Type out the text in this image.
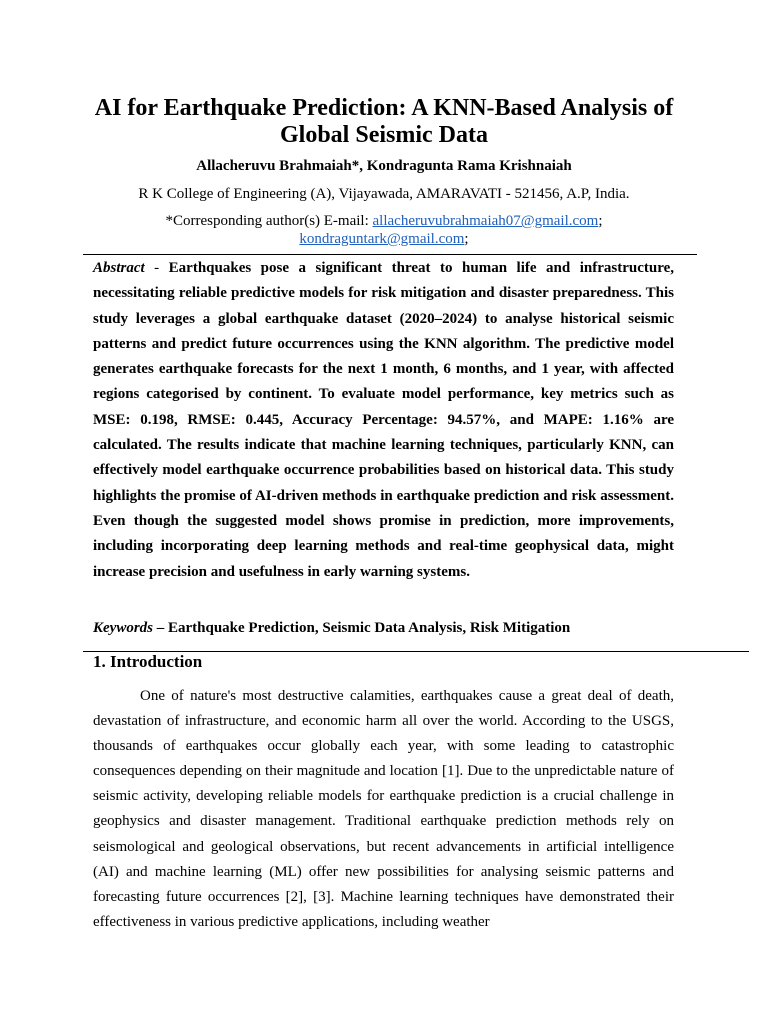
AI for Earthquake Prediction: A KNN-Based Analysis of Global Seismic Data
Allacheruvu Brahmaiah*, Kondragunta Rama Krishnaiah
R K College of Engineering (A), Vijayawada, AMARAVATI - 521456, A.P, India.
*Corresponding author(s) E-mail: allacheruvubrahmaiah07@gmail.com;
kondraguntark@gmail.com;
Abstract - Earthquakes pose a significant threat to human life and infrastructure, necessitating reliable predictive models for risk mitigation and disaster preparedness. This study leverages a global earthquake dataset (2020–2024) to analyse historical seismic patterns and predict future occurrences using the KNN algorithm. The predictive model generates earthquake forecasts for the next 1 month, 6 months, and 1 year, with affected regions categorised by continent. To evaluate model performance, key metrics such as MSE: 0.198, RMSE: 0.445, Accuracy Percentage: 94.57%, and MAPE: 1.16% are calculated. The results indicate that machine learning techniques, particularly KNN, can effectively model earthquake occurrence probabilities based on historical data. This study highlights the promise of AI-driven methods in earthquake prediction and risk assessment. Even though the suggested model shows promise in prediction, more improvements, including incorporating deep learning methods and real-time geophysical data, might increase precision and usefulness in early warning systems.
Keywords – Earthquake Prediction, Seismic Data Analysis, Risk Mitigation
1. Introduction

One of nature's most destructive calamities, earthquakes cause a great deal of death, devastation of infrastructure, and economic harm all over the world. According to the USGS, thousands of earthquakes occur globally each year, with some leading to catastrophic consequences depending on their magnitude and location [1]. Due to the unpredictable nature of seismic activity, developing reliable models for earthquake prediction is a crucial challenge in geophysics and disaster management. Traditional earthquake prediction methods rely on seismological and geological observations, but recent advancements in artificial intelligence (AI) and machine learning (ML) offer new possibilities for analysing seismic patterns and forecasting future occurrences [2], [3]. Machine learning techniques have demonstrated their effectiveness in various predictive applications, including weather
